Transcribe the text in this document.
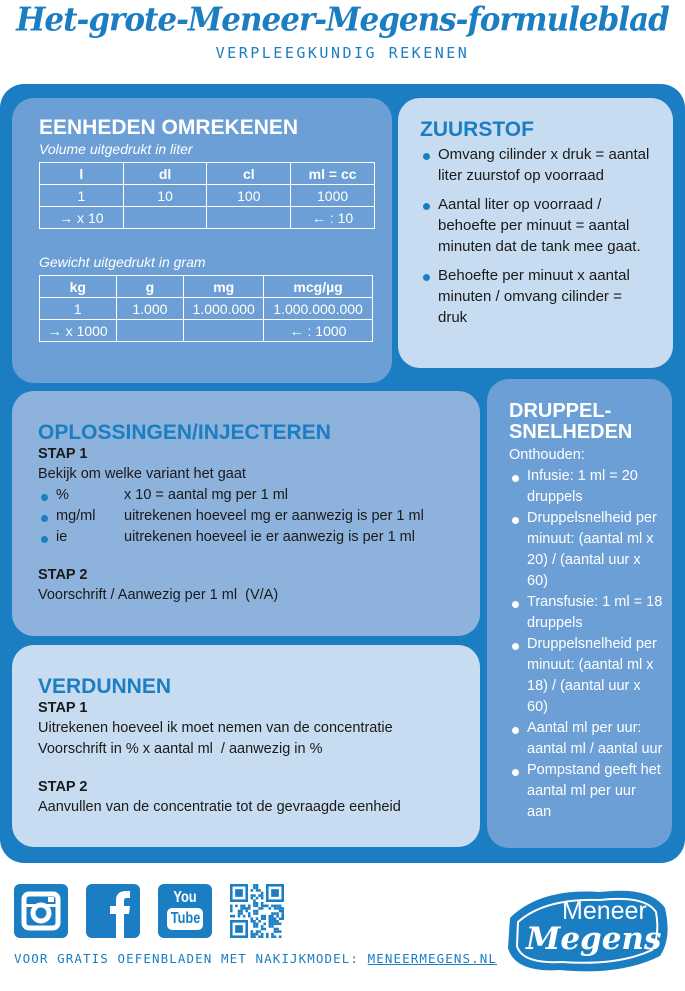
Het-grote-Meneer-Megens-formuleblad
VERPLEEGKUNDIG REKENEN
EENHEDEN OMREKENEN
Volume uitgedrukt in liter
l	dl	cl	ml = cc
1	10	100	1000
→ x 10			← : 10
Gewicht uitgedrukt in gram
kg	g	mg	mcg/µg
1	1.000	1.000.000	1.000.000.000
→ x 1000			← : 1000
ZUURSTOF
Omvang cilinder x druk = aantal liter zuurstof op voorraad
Aantal liter op voorraad / behoefte per minuut = aantal minuten dat de tank mee gaat.
Behoefte per minuut x aantal minuten / omvang cilinder = druk
OPLOSSINGEN/INJECTEREN
STAP 1
Bekijk om welke variant het gaat
%	x 10 = aantal mg per 1 ml
mg/ml	uitrekenen hoeveel mg er aanwezig is per 1 ml
ie	uitrekenen hoeveel ie er aanwezig is per 1 ml
STAP 2
Voorschrift / Aanwezig per 1 ml  (V/A)
VERDUNNEN
STAP 1
Uitrekenen hoeveel ik moet nemen van de concentratie
Voorschrift in % x aantal ml  / aanwezig in %
STAP 2
Aanvullen van de concentratie tot de gevraagde eenheid
DRUPPEL-
SNELHEDEN
Onthouden:
Infusie: 1 ml = 20 druppels
Druppelsnelheid per minuut: (aantal ml x 20) / (aantal uur x 60)
Transfusie: 1 ml = 18 druppels
Druppelsnelheid per minuut: (aantal ml x 18) / (aantal uur x 60)
Aantal ml per uur: aantal ml / aantal uur
Pompstand geeft het aantal ml per uur aan
You
Tube
VOOR GRATIS OEFENBLADEN MET NAKIJKMODEL: MENEERMEGENS.NL
Meneer
Megens
